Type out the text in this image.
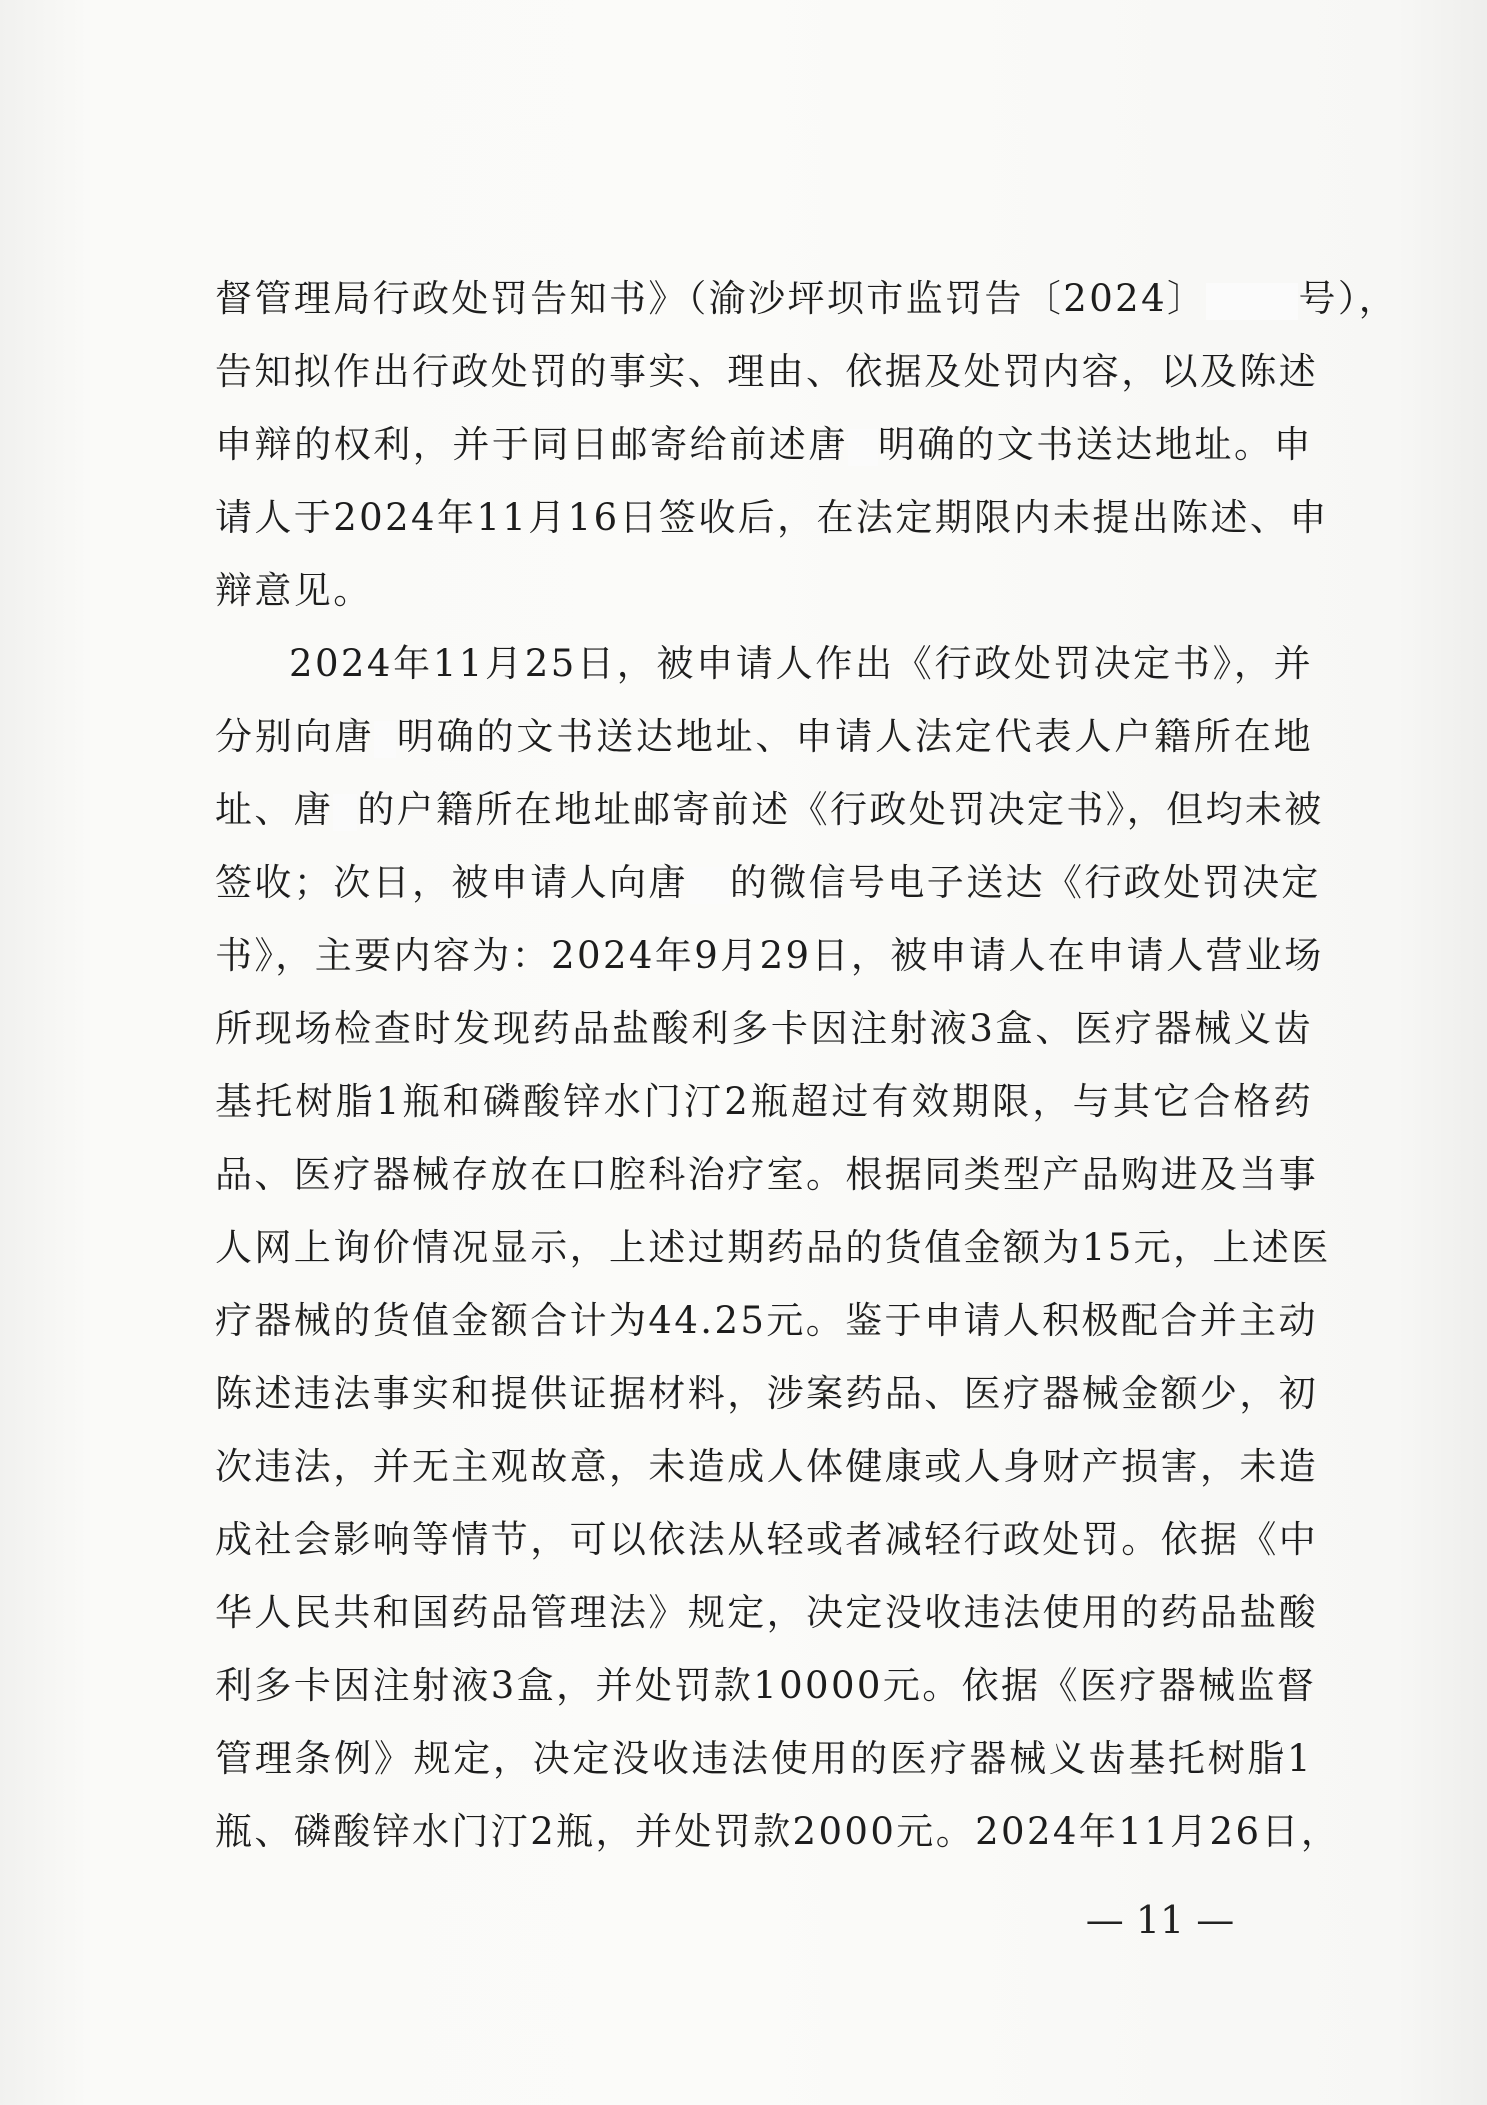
督管理局行政处罚告知书》（渝沙坪坝市监罚告〔2024〕 号），
告知拟作出行政处罚的事实、理由、依据及处罚内容，以及陈述
申辩的权利，并于同日邮寄给前述唐 明确的文书送达地址。申
请人于2024年11月16日签收后，在法定期限内未提出陈述、申
辩意见。
2024年11月25日，被申请人作出《行政处罚决定书》，并
分别向唐 明确的文书送达地址、申请人法定代表人户籍所在地
址、唐 的户籍所在地址邮寄前述《行政处罚决定书》，但均未被
签收；次日，被申请人向唐 的微信号电子送达《行政处罚决定
书》，主要内容为：2024年9月29日，被申请人在申请人营业场
所现场检查时发现药品盐酸利多卡因注射液3盒、医疗器械义齿
基托树脂1瓶和磷酸锌水门汀2瓶超过有效期限，与其它合格药
品、医疗器械存放在口腔科治疗室。根据同类型产品购进及当事
人网上询价情况显示，上述过期药品的货值金额为15元，上述医
疗器械的货值金额合计为44.25元。鉴于申请人积极配合并主动
陈述违法事实和提供证据材料，涉案药品、医疗器械金额少，初
次违法，并无主观故意，未造成人体健康或人身财产损害，未造
成社会影响等情节，可以依法从轻或者减轻行政处罚。依据《中
华人民共和国药品管理法》规定，决定没收违法使用的药品盐酸
利多卡因注射液3盒，并处罚款10000元。依据《医疗器械监督
管理条例》规定，决定没收违法使用的医疗器械义齿基托树脂1
瓶、磷酸锌水门汀2瓶，并处罚款2000元。2024年11月26日，
— 11 —
